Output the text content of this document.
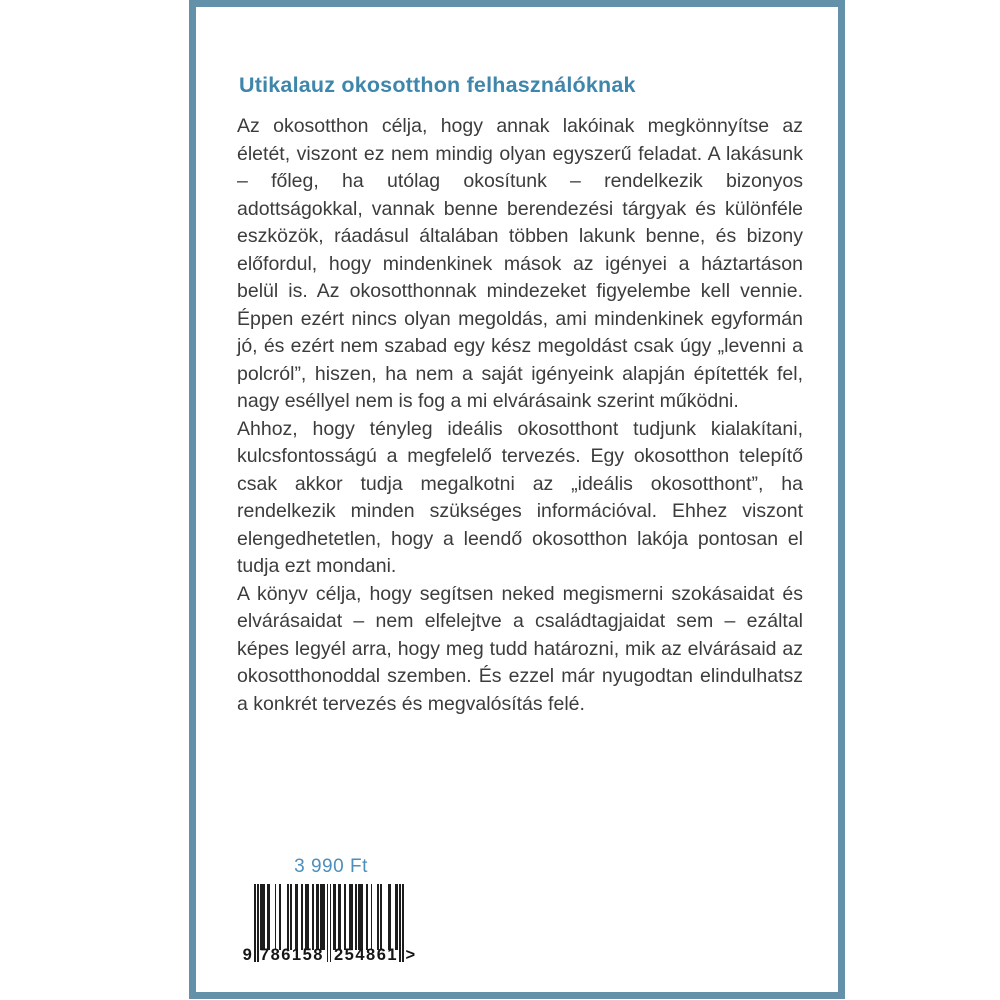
Utikalauz okosotthon felhasználóknak

Az okosotthon célja, hogy annak lakóinak megkönnyítse az életét, viszont ez nem mindig olyan egyszerű feladat. A lakásunk – főleg, ha utólag okosítunk – rendelkezik bizonyos adottságokkal, vannak benne berendezési tárgyak és különféle eszközök, ráadásul általában többen lakunk benne, és bizony előfordul, hogy mindenkinek mások az igényei a háztartáson belül is. Az okosotthonnak mindezeket figyelembe kell vennie. Éppen ezért nincs olyan megoldás, ami mindenkinek egyformán jó, és ezért nem szabad egy kész megoldást csak úgy „levenni a polcról”, hiszen, ha nem a saját igényeink alapján építették fel, nagy eséllyel nem is fog a mi elvárásaink szerint működni.

Ahhoz, hogy tényleg ideális okosotthont tudjunk kialakítani, kulcsfontosságú a megfelelő tervezés. Egy okosotthon telepítő csak akkor tudja megalkotni az „ideális okosotthont”, ha rendelkezik minden szükséges információval. Ehhez viszont elengedhetetlen, hogy a leendő okosotthon lakója pontosan el tudja ezt mondani.

A könyv célja, hogy segítsen neked megismerni szokásaidat és elvárásaidat – nem elfelejtve a családtagjaidat sem – ezáltal képes legyél arra, hogy meg tudd határozni, mik az elvárásaid az okosotthonoddal szemben. És ezzel már nyugodtan elindulhatsz a konkrét tervezés és megvalósítás felé.

3 990 Ft
9 786158 254861 >
